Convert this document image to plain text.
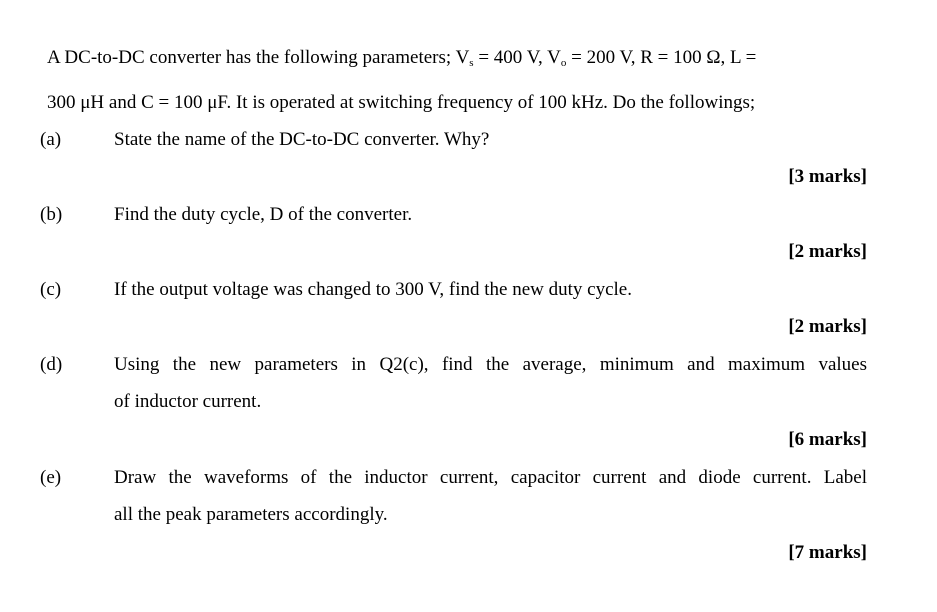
A DC-to-DC converter has the following parameters; $V_s = 400$ V, $V_o = 200$ V, R = 100 Ω, L =
300 μH and C = 100 μF. It is operated at switching frequency of 100 kHz. Do the followings;
(a)	State the name of the DC-to-DC converter. Why?
[3 marks]
(b)	Find the duty cycle, D of the converter.
[2 marks]
(c)	If the output voltage was changed to 300 V, find the new duty cycle.
[2 marks]
(d)	Using the new parameters in Q2(c), find the average, minimum and maximum values
of inductor current.
[6 marks]
(e)	Draw the waveforms of the inductor current, capacitor current and diode current. Label
all the peak parameters accordingly.
[7 marks]
